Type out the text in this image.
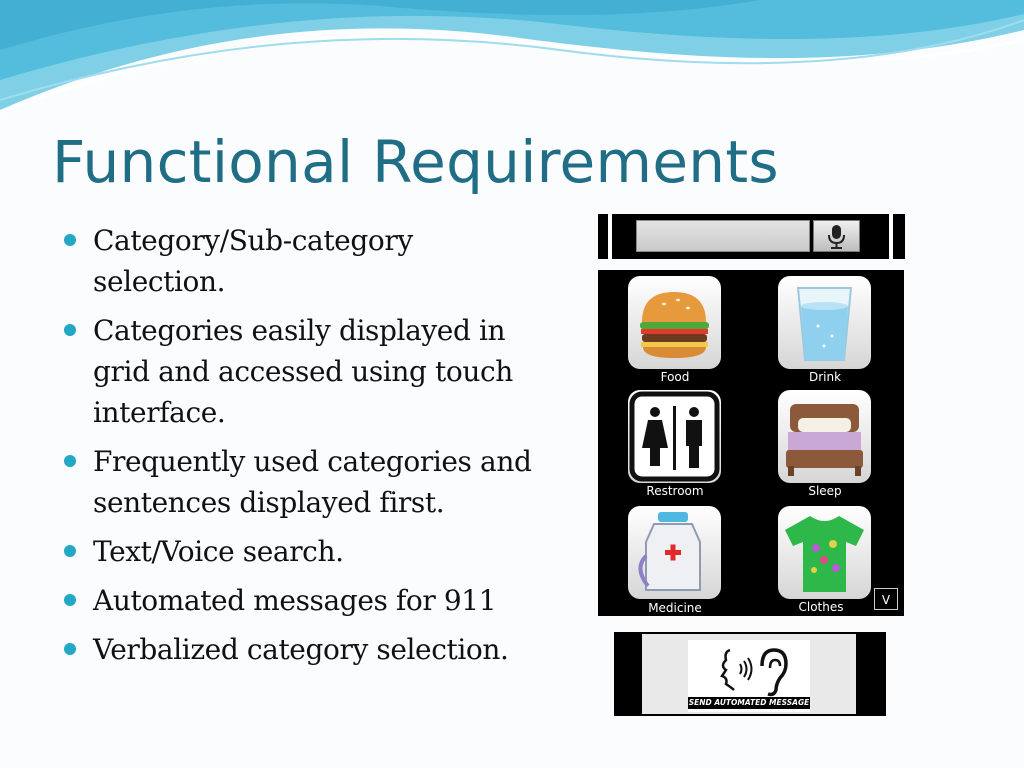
Functional Requirements
Category/Sub-category selection.
Categories easily displayed in grid and accessed using touch interface.
Frequently used categories and sentences displayed first.
Text/Voice search.
Automated messages for 911
Verbalized category selection.
Food	Drink
Restroom	Sleep
Medicine	Clothes	V
SEND AUTOMATED MESSAGE
